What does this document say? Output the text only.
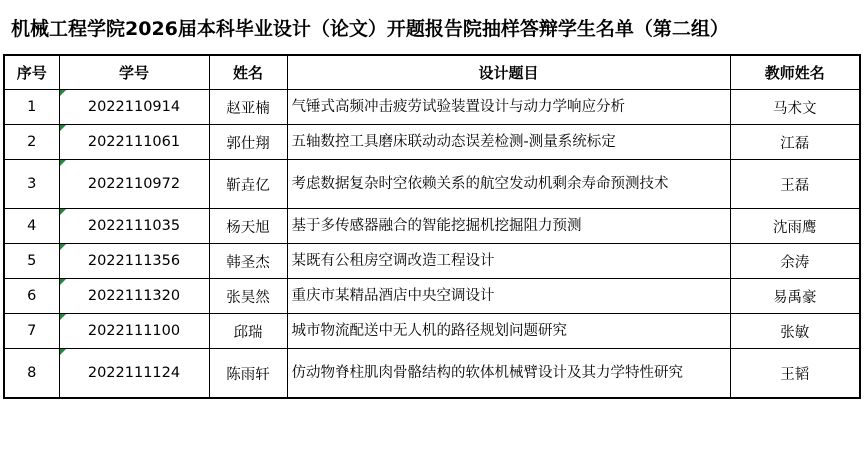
机械工程学院2026届本科毕业设计（论文）开题报告院抽样答辩学生名单（第二组）
序号	学号	姓名	设计题目	教师姓名
1	2022110914	赵亚楠	气锤式高频冲击疲劳试验装置设计与动力学响应分析	马术文
2	2022111061	郭仕翔	五轴数控工具磨床联动动态误差检测-测量系统标定	江磊
3	2022110972	靳垚亿	考虑数据复杂时空依赖关系的航空发动机剩余寿命预测技术	王磊
4	2022111035	杨天旭	基于多传感器融合的智能挖掘机挖掘阻力预测	沈雨鹰
5	2022111356	韩圣杰	某既有公租房空调改造工程设计	余涛
6	2022111320	张昊然	重庆市某精品酒店中央空调设计	易禹豪
7	2022111100	邱瑞	城市物流配送中无人机的路径规划问题研究	张敏
8	2022111124	陈雨轩	仿动物脊柱肌肉骨骼结构的软体机械臂设计及其力学特性研究	王韬
